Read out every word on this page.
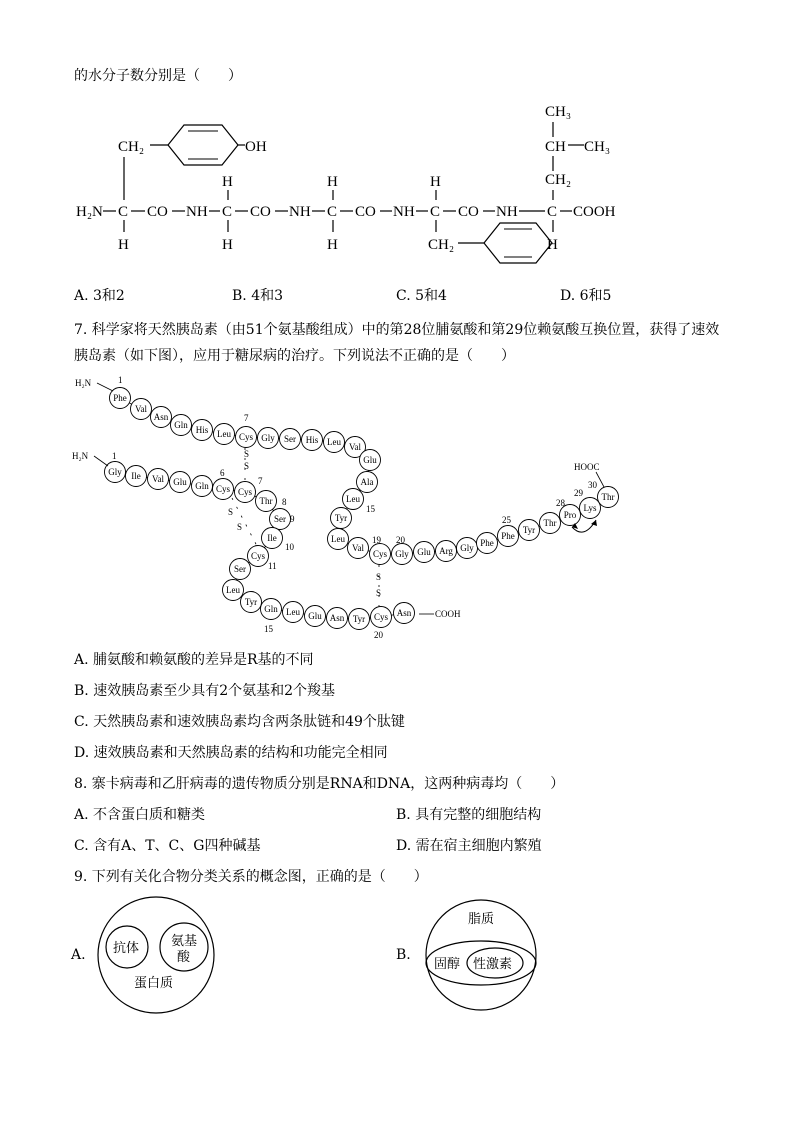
的水分子数分别是（　　）
CH₂	OH
CH₃
CH CH₃
CH₂
H	H	H
H₂N C CO NH C CO NH C CO NH C CO NH C COOH
H	H	H	CH₂	H
A. 3和2	B. 4和3	C. 5和4	D. 6和5
7. 科学家将天然胰岛素（由51个氨基酸组成）中的第28位脯氨酸和第29位赖氨酸互换位置，获得了速效
胰岛素（如下图），应用于糖尿病的治疗。下列说法不正确的是（　　）
Gly Ile Val Glu Gln Cys Cys
Thr
Ser
Ile
Cys
Ser
Leu
Tyr
Gln Leu Glu Asn Tyr Cys Asn
Phe
Val
Asn
Gln His Leu Cys Gly Ser His Leu Val
Glu
Ala
Leu
Tyr
Leu
Val
Cys Gly Glu Arg Gly Phe
Phe
Tyr
Thr
Pro
Lys
Thr
H₂N
H₂N
HOOC
COOH
S
S
S
S
S
S
1
7
1
6
7
8
9
10
11
15
20
15
19 20
25
28
29
30
A. 脯氨酸和赖氨酸的差异是R基的不同
B. 速效胰岛素至少具有2个氨基和2个羧基
C. 天然胰岛素和速效胰岛素均含两条肽链和49个肽键
D. 速效胰岛素和天然胰岛素的结构和功能完全相同
8. 寨卡病毒和乙肝病毒的遗传物质分别是RNA和DNA，这两种病毒均（　　）
A. 不含蛋白质和糖类	B. 具有完整的细胞结构
C. 含有A、T、C、G四种碱基	D. 需在宿主细胞内繁殖
9. 下列有关化合物分类关系的概念图，正确的是（　　）
A. 抗体 氨基
酸
蛋白质
B.
脂质
固醇 性激素
